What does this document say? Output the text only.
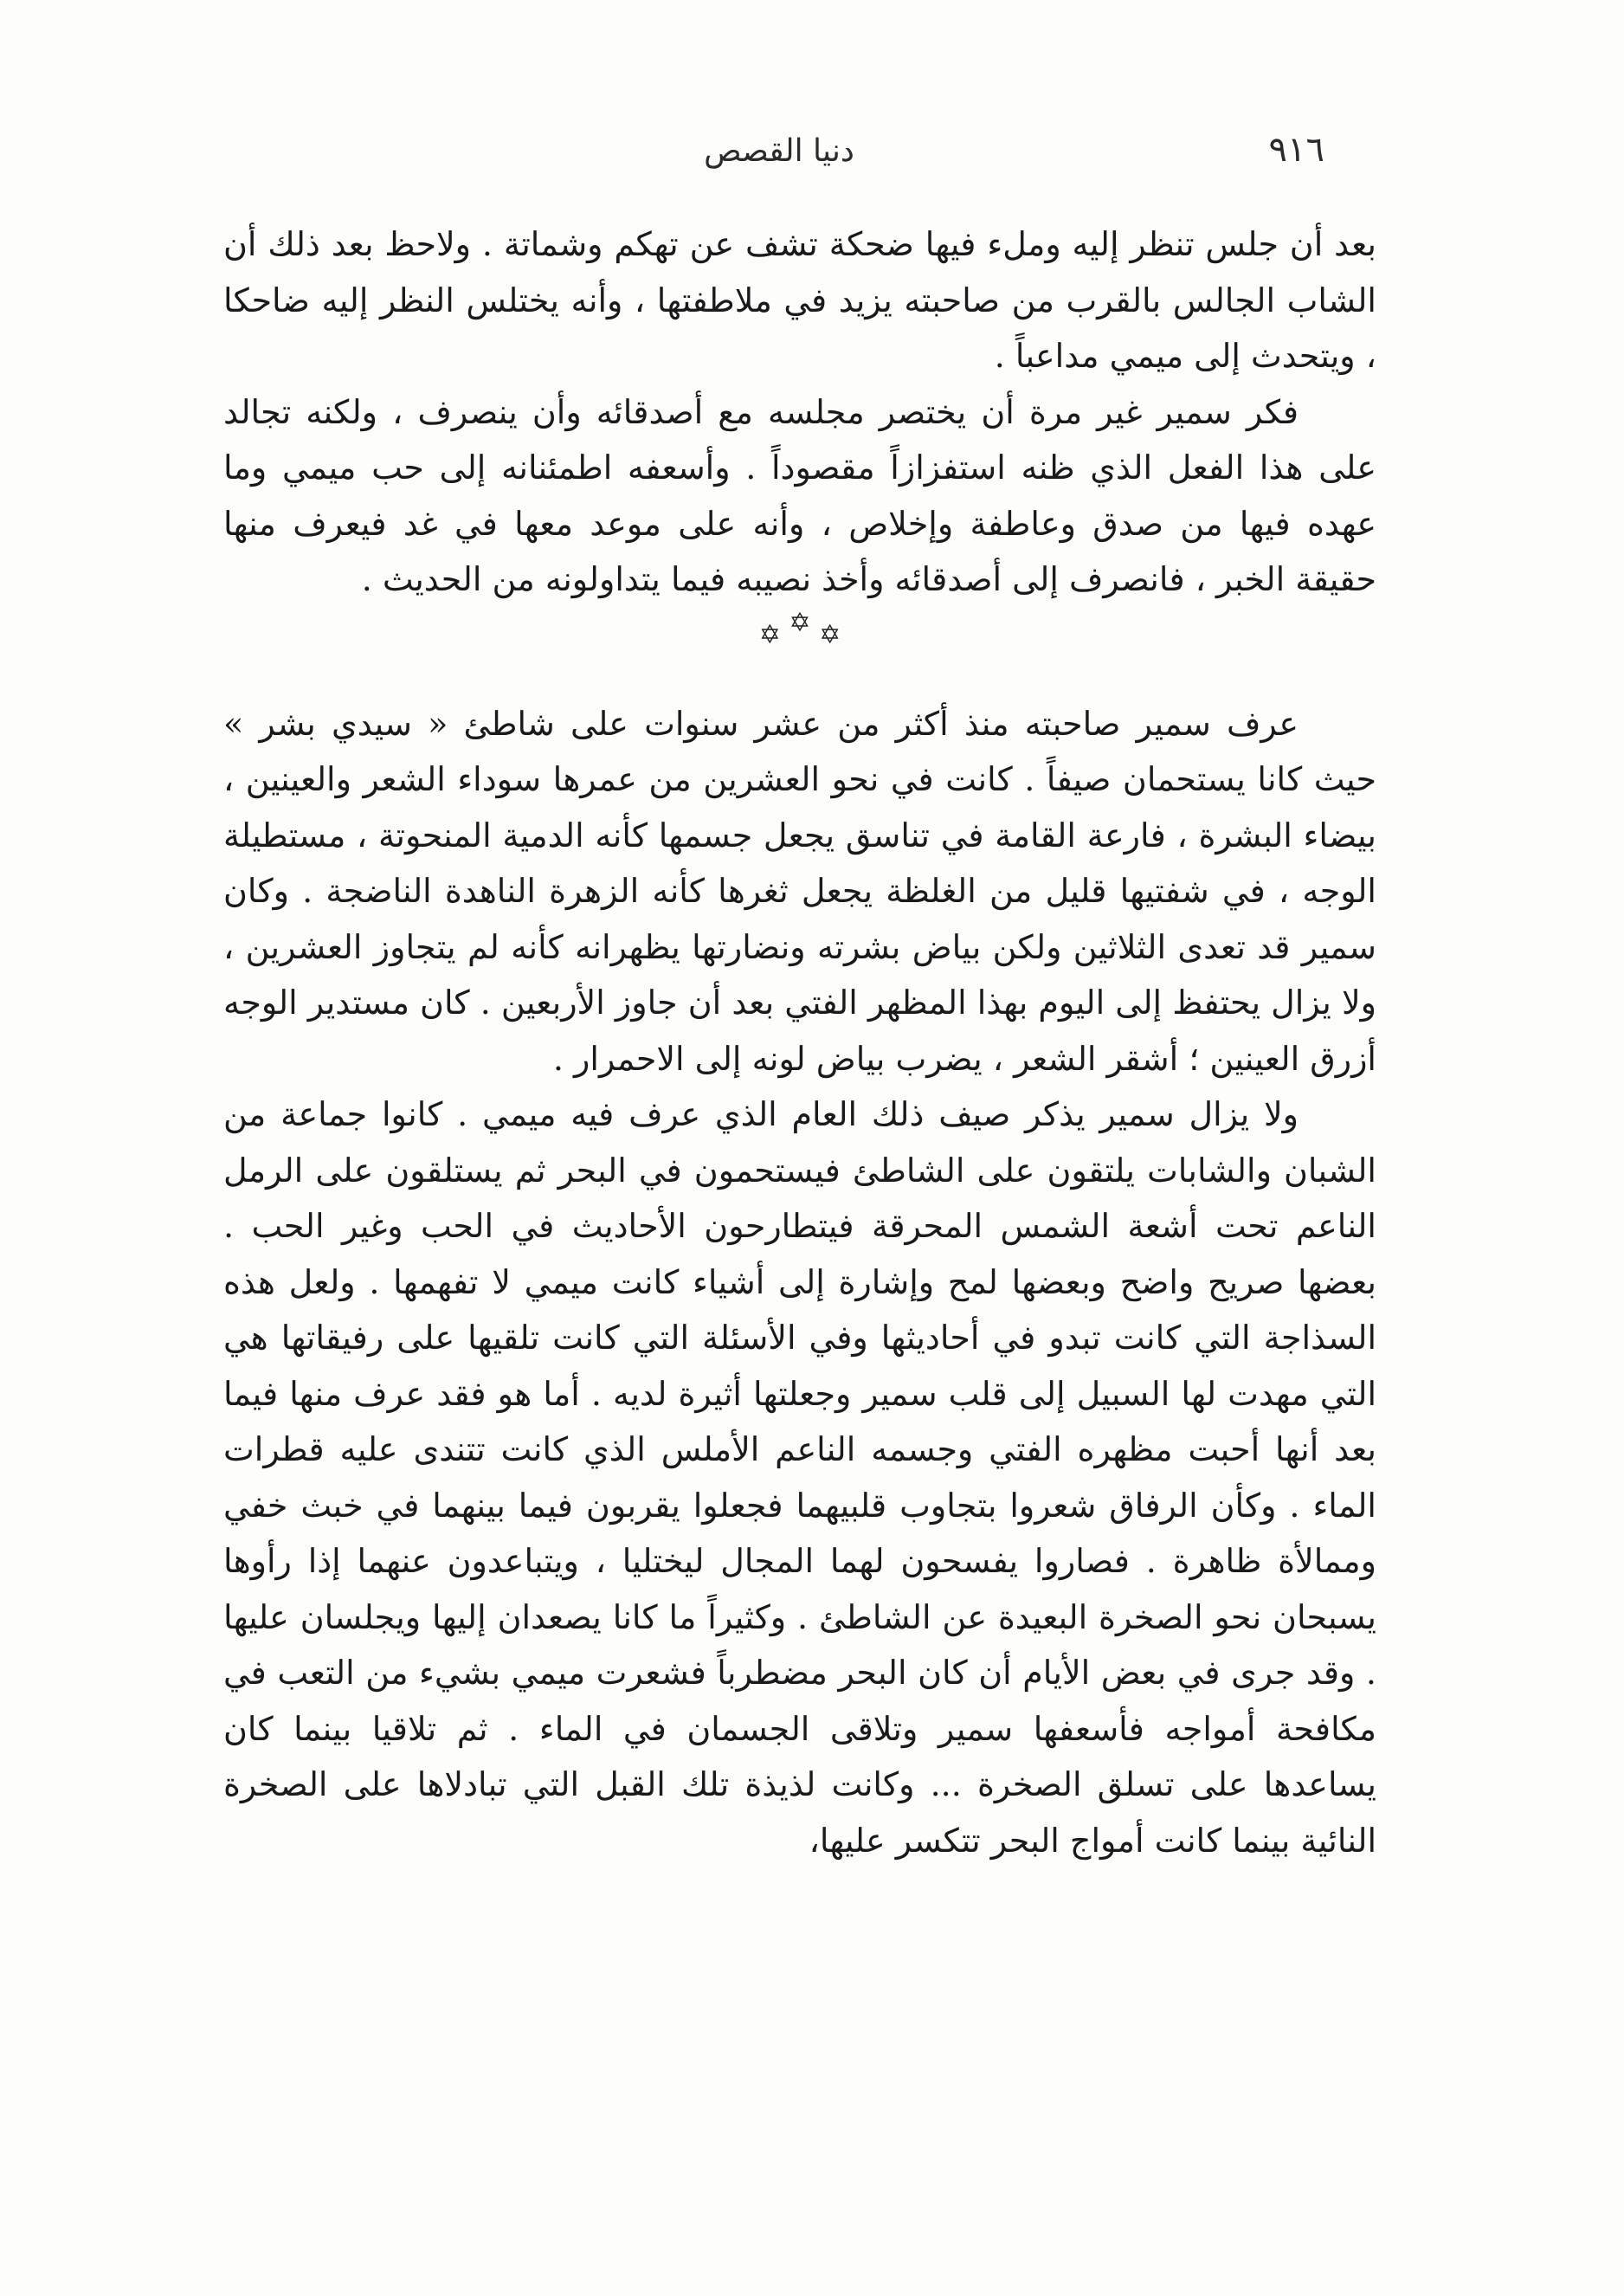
٩١٦
دنيا القصص

بعد أن جلس تنظر إليه وملء فيها ضحكة تشف عن تهكم وشماتة . ولاحظ بعد ذلك أن الشاب الجالس بالقرب من صاحبته يزيد في ملاطفتها ، وأنه يختلس النظر إليه ضاحكا ، ويتحدث إلى ميمي مداعباً .

فكر سمير غير مرة أن يختصر مجلسه مع أصدقائه وأن ينصرف ، ولكنه تجالد على هذا الفعل الذي ظنه استفزازاً مقصوداً . وأسعفه اطمئنانه إلى حب ميمي وما عهده فيها من صدق وعاطفة وإخلاص ، وأنه على موعد معها في غد فيعرف منها حقيقة الخبر ، فانصرف إلى أصدقائه وأخذ نصيبه فيما يتداولونه من الحديث .

✡ ✡ ✡

عرف سمير صاحبته منذ أكثر من عشر سنوات على شاطئ « سيدي بشر » حيث كانا يستحمان صيفاً . كانت في نحو العشرين من عمرها سوداء الشعر والعينين ، بيضاء البشرة ، فارعة القامة في تناسق يجعل جسمها كأنه الدمية المنحوتة ، مستطيلة الوجه ، في شفتيها قليل من الغلظة يجعل ثغرها كأنه الزهرة الناهدة الناضجة . وكان سمير قد تعدى الثلاثين ولكن بياض بشرته ونضارتها يظهرانه كأنه لم يتجاوز العشرين ، ولا يزال يحتفظ إلى اليوم بهذا المظهر الفتي بعد أن جاوز الأربعين . كان مستدير الوجه أزرق العينين ؛ أشقر الشعر ، يضرب بياض لونه إلى الاحمرار .

ولا يزال سمير يذكر صيف ذلك العام الذي عرف فيه ميمي . كانوا جماعة من الشبان والشابات يلتقون على الشاطئ فيستحمون في البحر ثم يستلقون على الرمل الناعم تحت أشعة الشمس المحرقة فيتطارحون الأحاديث في الحب وغير الحب . بعضها صريح واضح وبعضها لمح وإشارة إلى أشياء كانت ميمي لا تفهمها . ولعل هذه السذاجة التي كانت تبدو في أحاديثها وفي الأسئلة التي كانت تلقيها على رفيقاتها هي التي مهدت لها السبيل إلى قلب سمير وجعلتها أثيرة لديه . أما هو فقد عرف منها فيما بعد أنها أحبت مظهره الفتي وجسمه الناعم الأملس الذي كانت تتندى عليه قطرات الماء . وكأن الرفاق شعروا بتجاوب قلبيهما فجعلوا يقربون فيما بينهما في خبث خفي وممالأة ظاهرة . فصاروا يفسحون لهما المجال ليختليا ، ويتباعدون عنهما إذا رأوها يسبحان نحو الصخرة البعيدة عن الشاطئ . وكثيراً ما كانا يصعدان إليها ويجلسان عليها . وقد جرى في بعض الأيام أن كان البحر مضطرباً فشعرت ميمي بشيء من التعب في مكافحة أمواجه فأسعفها سمير وتلاقى الجسمان في الماء . ثم تلاقيا بينما كان يساعدها على تسلق الصخرة ... وكانت لذيذة تلك القبل التي تبادلاها على الصخرة النائية بينما كانت أمواج البحر تتكسر عليها،
